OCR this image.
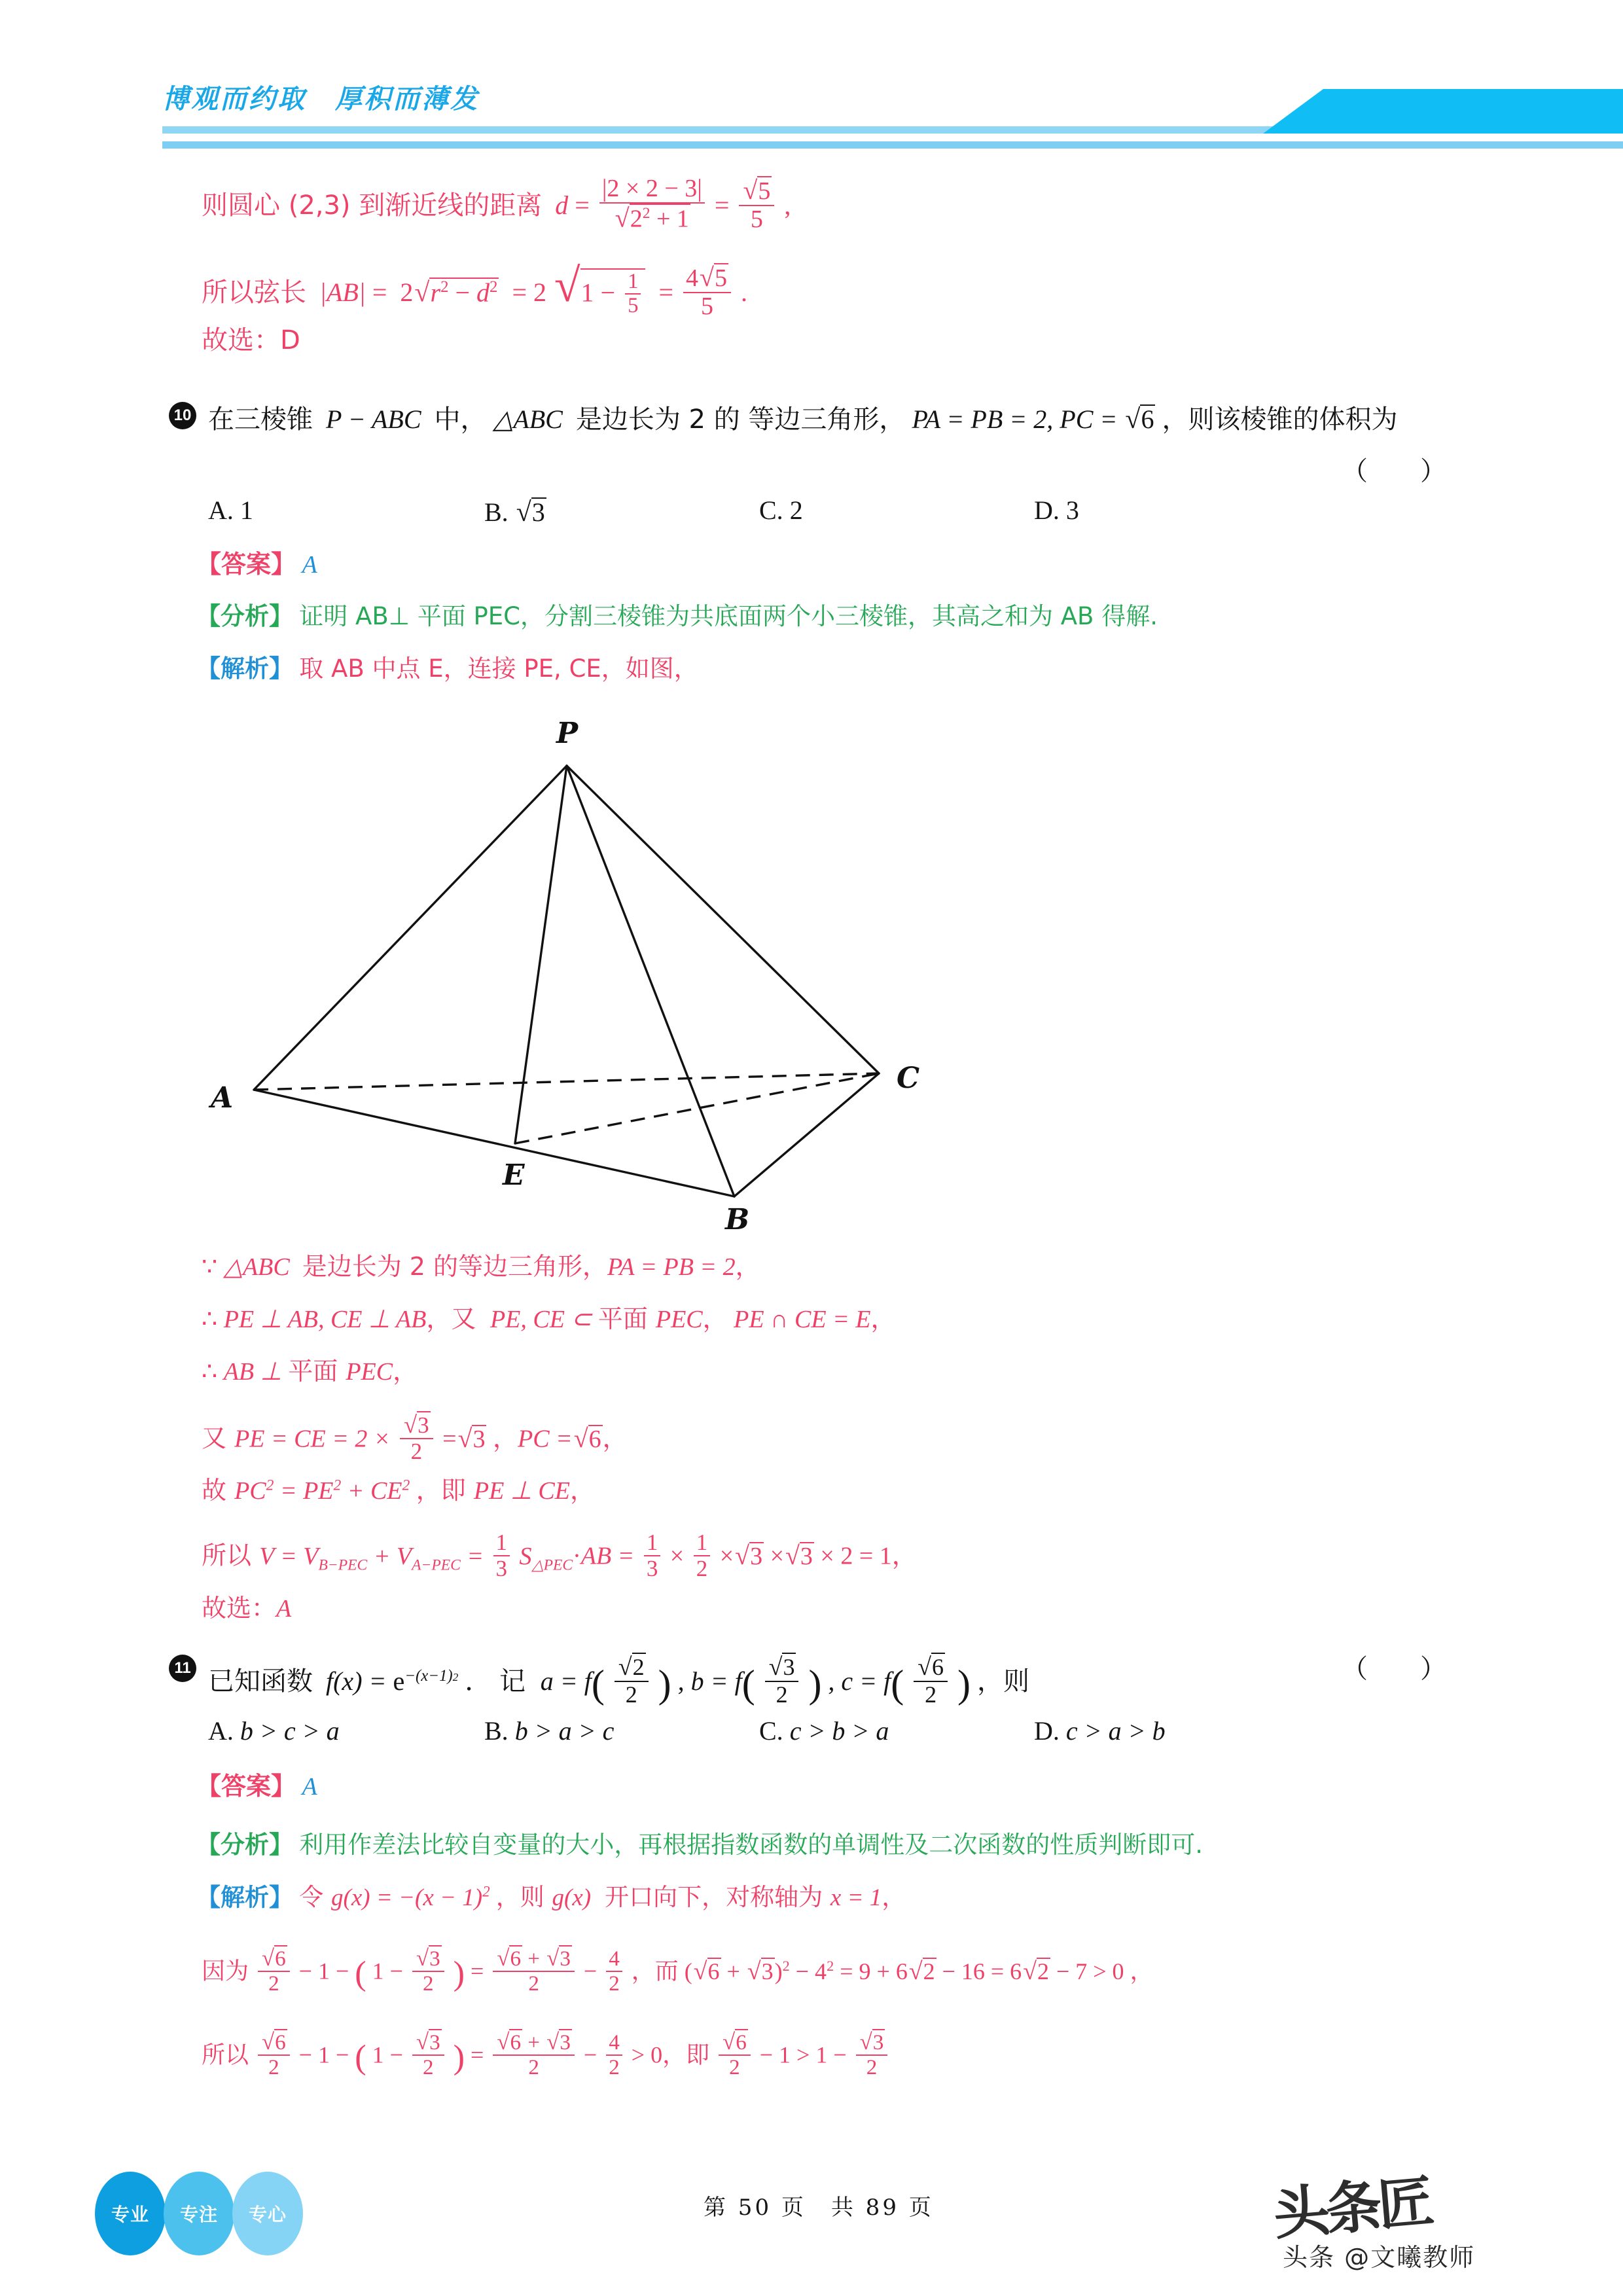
博观而约取　厚积而薄发
则圆心 (2,3) 到渐近线的距离  $d = \frac{|2 \times 2 - 3|}{√2^2 + 1} = \frac{√5}{5}$ ,
所以弦长  $|AB| = 2√r^2 - d^2 = 2$ $√1 - \frac{1}{5} = \frac{4√5}{5}$ .
故选：D
10 在三棱锥  P − ABC  中， △ABC  是边长为 2 的 等边三角形， PA = PB = 2, PC = √6 ，则该棱锥的体积为
（　　）
A. 1	B. √3	C. 2	D. 3
【答案】 A
【分析】 证明 AB⊥ 平面 PEC，分割三棱锥为共底面两个小三棱锥，其高之和为 AB 得解.
【解析】 取 AB 中点 E，连接 PE, CE，如图，
P
A
C
B
E
∵ △ABC  是边长为 2 的等边三角形，PA = PB = 2，
∴ PE ⊥ AB, CE ⊥ AB，又  PE, CE ⊂ 平面 PEC， PE ∩ CE = E，
∴ AB ⊥ 平面 PEC，
又 PE = CE = $2 \times \frac{√3}{2} =√3$ ，PC =√6，
故 $PC^2 = PE^2 + CE^2$ ，即 PE ⊥ CE，
所以 $V = V_{B-PEC} + V_{A-PEC} = \frac{1}{3} S_{\triangle PEC}\cdot AB = \frac{1}{3} \times \frac{1}{2} \times√3 \times√3 \times 2 = 1$，
故选：A
11 已知函数  $f(x) = e^{-(x-1)2}$ ． 记  $a = f( \frac{√2}{2}$ ) , $b = f( \frac{√3}{2}$ ) , $c = f( \frac{√6}{2}$ ) ，则	（　　）
A. b > c > a	B. b > a > c	C. c > b > a	D. c > a > b
【答案】 A
【分析】 利用作差法比较自变量的大小，再根据指数函数的单调性及二次函数的性质判断即可.
【解析】 令 $g(x) = -(x - 1)^2$ ，则 g(x)  开口向下，对称轴为 x = 1，
因为 $\frac{√6}{2} - 1$ − ( $1 - \frac{√3}{2}$ ) = $\frac{√6 + √3}{2} - \frac{4}{2}$ ，而 $(√6 + √3)^2 - 4^2 = 9 + 6√2 - 16 = 6√2 - 7 > 0$ ，
所以 $\frac{√6}{2} - 1$ − ( $1 - \frac{√3}{2}$ ) = $\frac{√6 + √3}{2} - \frac{4}{2} > 0$，即 $\frac{√6}{2} - 1 > 1 - \frac{√3}{2}$
专业	专注	专心	第 50 页　共 89 页	头条匠
头条 @文曦教师
